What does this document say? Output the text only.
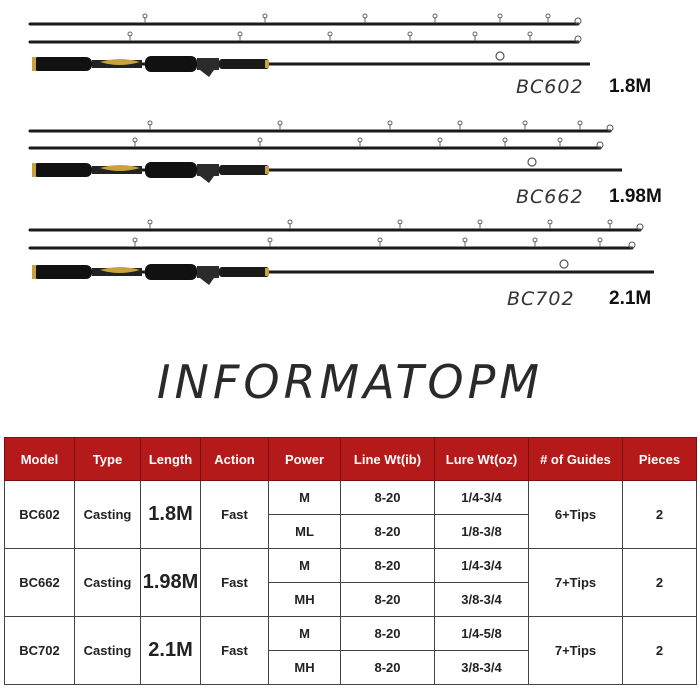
BC602 1.8M
BC662 1.98M
BC702 2.1M
INFORMATOPM
Model	Type	Length	Action	Power	Line Wt(ib)	Lure Wt(oz)	# of Guides	Pieces
BC602	Casting	1.8M	Fast	M	8-20	1/4-3/4	6+Tips	2
				ML	8-20	1/8-3/8		
BC662	Casting	1.98M	Fast	M	8-20	1/4-3/4	7+Tips	2
				MH	8-20	3/8-3/4		
BC702	Casting	2.1M	Fast	M	8-20	1/4-5/8	7+Tips	2
				MH	8-20	3/8-3/4		
